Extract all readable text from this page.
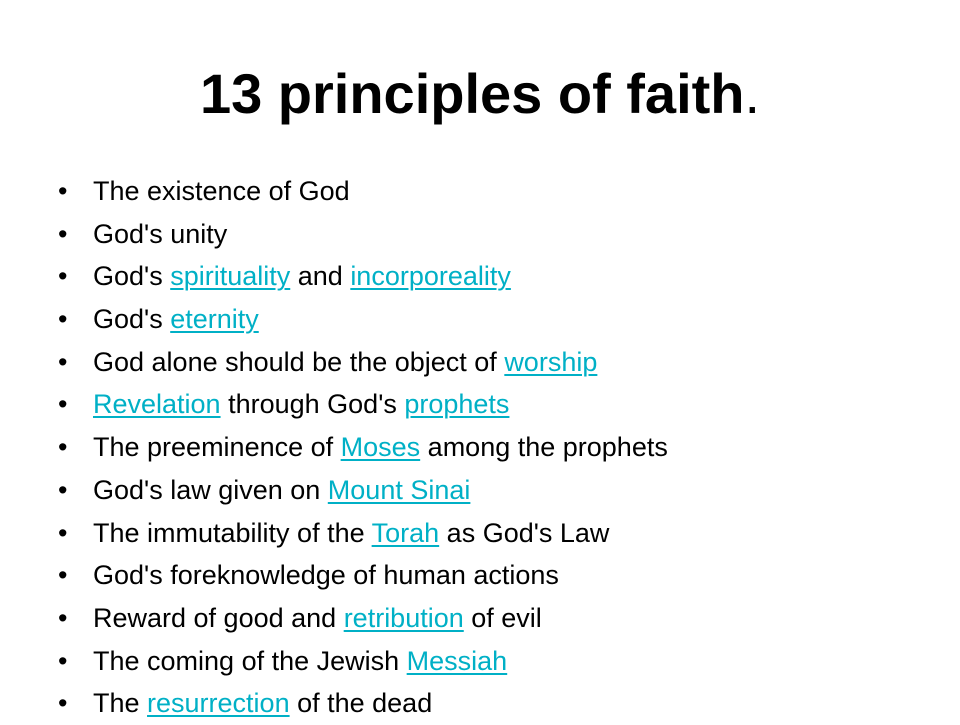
13 principles of faith.
• The existence of God
• God's unity
• God's spirituality and incorporeality
• God's eternity
• God alone should be the object of worship
• Revelation through God's prophets
• The preeminence of Moses among the prophets
• God's law given on Mount Sinai
• The immutability of the Torah as God's Law
• God's foreknowledge of human actions
• Reward of good and retribution of evil
• The coming of the Jewish Messiah
• The resurrection of the dead
